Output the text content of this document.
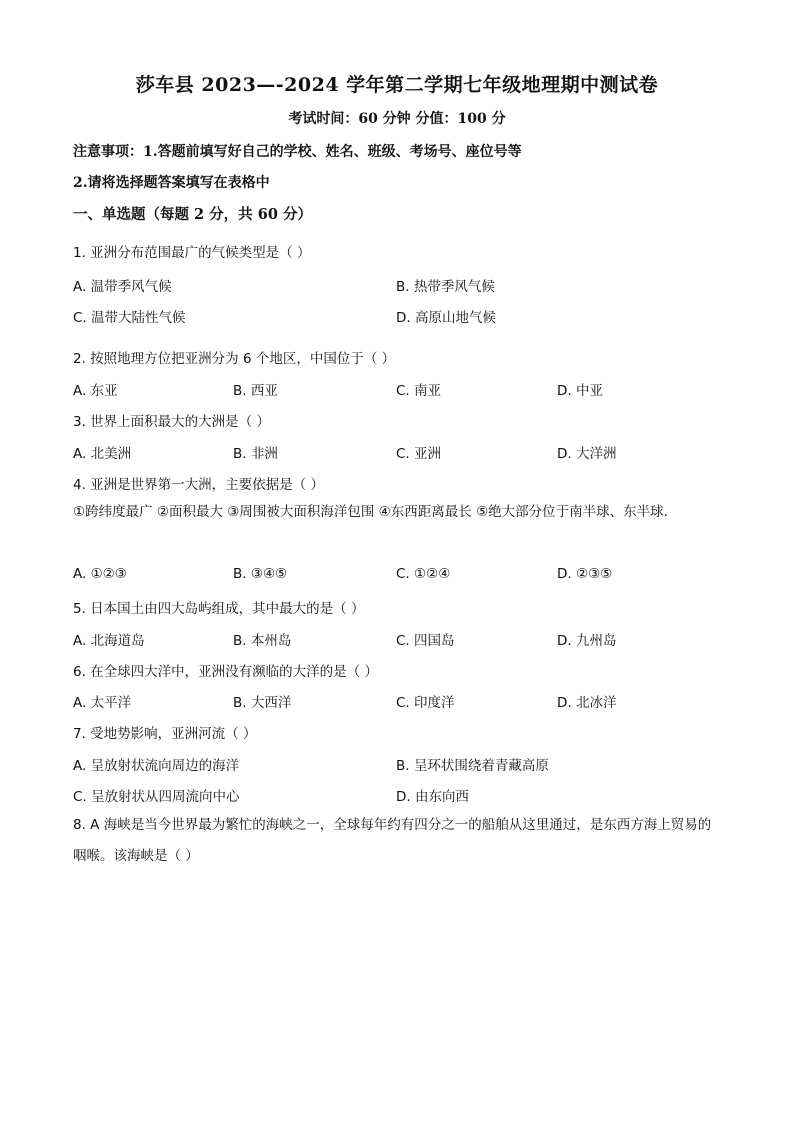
莎车县 2023—-2024 学年第二学期七年级地理期中测试卷
考试时间：60 分钟 分值：100 分
注意事项：1.答题前填写好自己的学校、姓名、班级、考场号、座位号等
2.请将选择题答案填写在表格中
一、单选题（每题 2 分，共 60 分）
1. 亚洲分布范围最广的气候类型是（ ）
A. 温带季风气候	B. 热带季风气候
C. 温带大陆性气候	D. 高原山地气候
2. 按照地理方位把亚洲分为 6 个地区，中国位于（ ）
A. 东亚	B. 西亚	C. 南亚	D. 中亚
3. 世界上面积最大的大洲是（ ）
A. 北美洲	B. 非洲	C. 亚洲	D. 大洋洲
4. 亚洲是世界第一大洲，主要依据是（ ）
①跨纬度最广 ②面积最大 ③周围被大面积海洋包围 ④东西距离最长 ⑤绝大部分位于南半球、东半球．
A. ①②③	B. ③④⑤	C. ①②④	D. ②③⑤
5. 日本国土由四大岛屿组成，其中最大的是（ ）
A. 北海道岛	B. 本州岛	C. 四国岛	D. 九州岛
6. 在全球四大洋中，亚洲没有濒临的大洋的是（ ）
A. 太平洋	B. 大西洋	C. 印度洋	D. 北冰洋
7. 受地势影响，亚洲河流（ ）
A. 呈放射状流向周边的海洋	B. 呈环状围绕着青藏高原
C. 呈放射状从四周流向中心	D. 由东向西
8. A 海峡是当今世界最为繁忙的海峡之一，全球每年约有四分之一的船舶从这里通过，是东西方海上贸易的咽喉。该海峡是（ ）
